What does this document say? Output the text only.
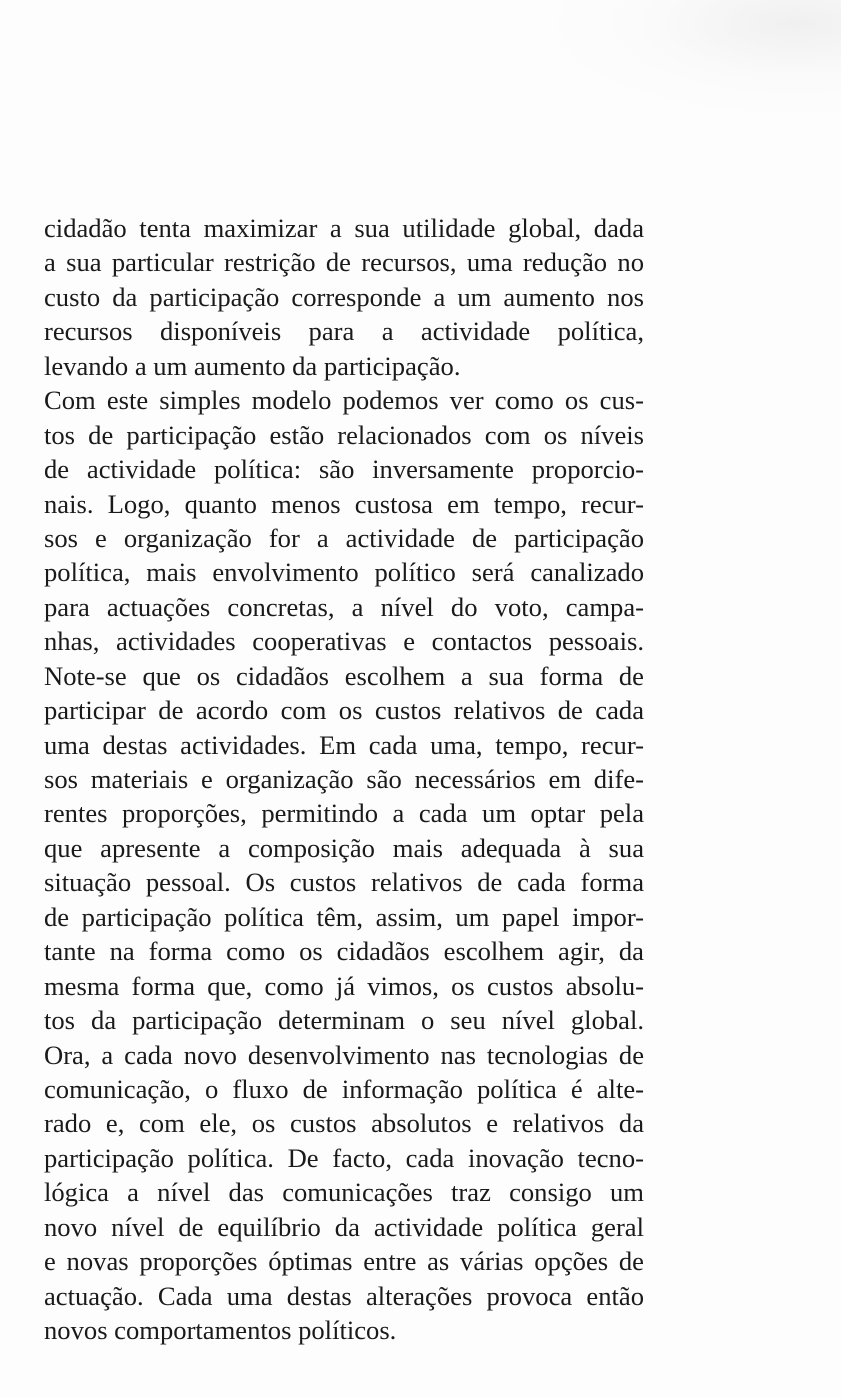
cidadão tenta maximizar a sua utilidade global, dada
a sua particular restrição de recursos, uma redução no
custo da participação corresponde a um aumento nos
recursos disponíveis para a actividade política,
levando a um aumento da participação.
Com este simples modelo podemos ver como os cus-
tos de participação estão relacionados com os níveis
de actividade política: são inversamente proporcio-
nais. Logo, quanto menos custosa em tempo, recur-
sos e organização for a actividade de participação
política, mais envolvimento político será canalizado
para actuações concretas, a nível do voto, campa-
nhas, actividades cooperativas e contactos pessoais.
Note-se que os cidadãos escolhem a sua forma de
participar de acordo com os custos relativos de cada
uma destas actividades. Em cada uma, tempo, recur-
sos materiais e organização são necessários em dife-
rentes proporções, permitindo a cada um optar pela
que apresente a composição mais adequada à sua
situação pessoal. Os custos relativos de cada forma
de participação política têm, assim, um papel impor-
tante na forma como os cidadãos escolhem agir, da
mesma forma que, como já vimos, os custos absolu-
tos da participação determinam o seu nível global.
Ora, a cada novo desenvolvimento nas tecnologias de
comunicação, o fluxo de informação política é alte-
rado e, com ele, os custos absolutos e relativos da
participação política. De facto, cada inovação tecno-
lógica a nível das comunicações traz consigo um
novo nível de equilíbrio da actividade política geral
e novas proporções óptimas entre as várias opções de
actuação. Cada uma destas alterações provoca então
novos comportamentos políticos.
